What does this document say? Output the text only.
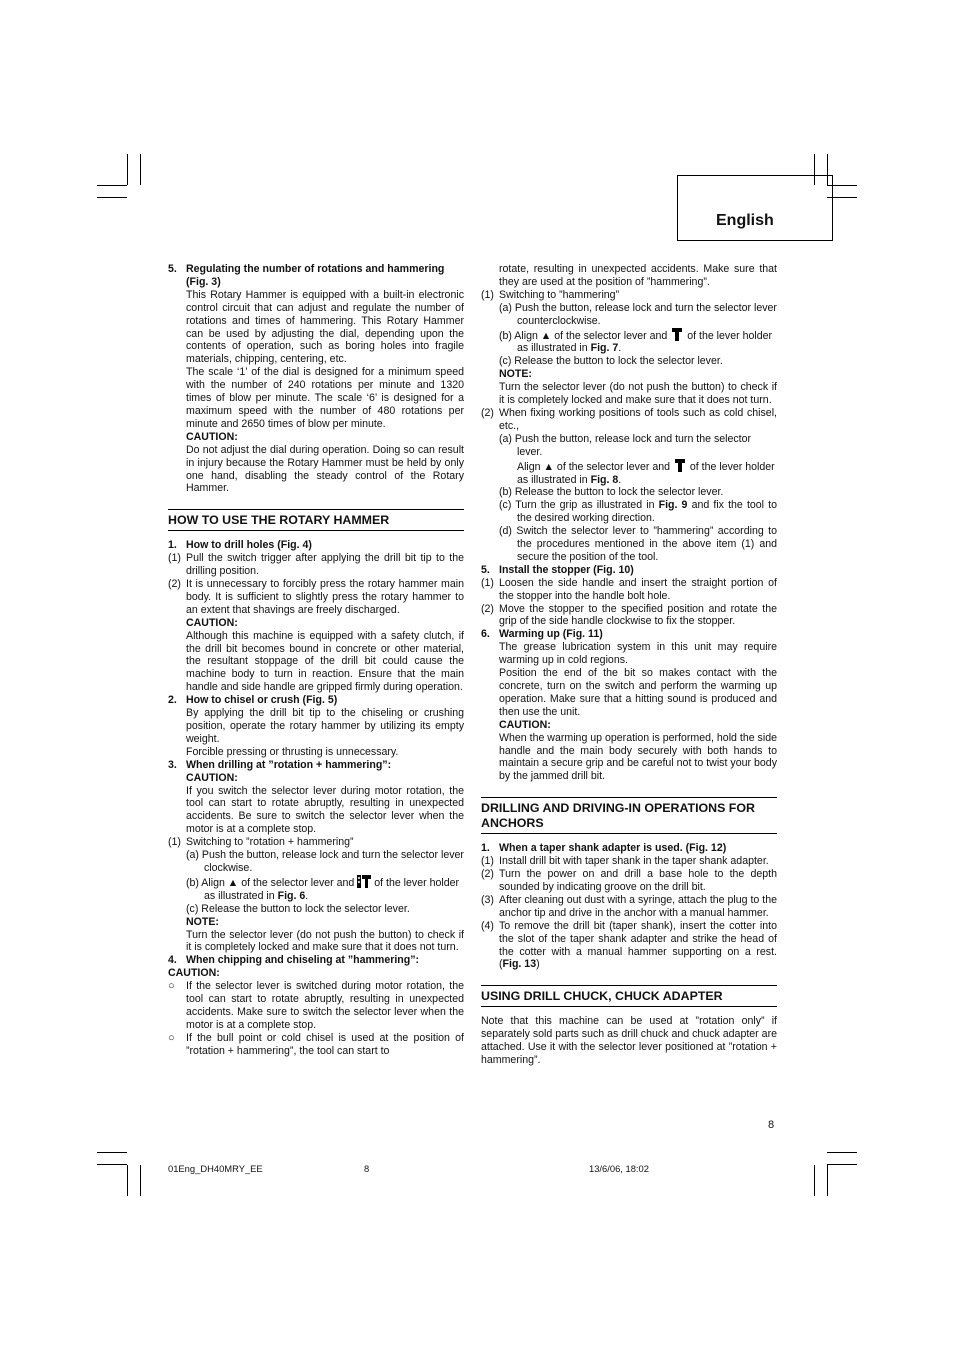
English

5. Regulating the number of rotations and hammering (Fig. 3)

This Rotary Hammer is equipped with a built-in electronic control circuit that can adjust and regulate the number of rotations and times of hammering. This Rotary Hammer can be used by adjusting the dial, depending upon the contents of operation, such as boring holes into fragile materials, chipping, centering, etc.

The scale ‘1’ of the dial is designed for a minimum speed with the number of 240 rotations per minute and 1320 times of blow per minute. The scale ‘6’ is designed for a maximum speed with the number of 480 rotations per minute and 2650 times of blow per minute.

CAUTION:

Do not adjust the dial during operation. Doing so can result in injury because the Rotary Hammer must be held by only one hand, disabling the steady control of the Rotary Hammer.

HOW TO USE THE ROTARY HAMMER

1. How to drill holes (Fig. 4)

(1) Pull the switch trigger after applying the drill bit tip to the drilling position.

(2) It is unnecessary to forcibly press the rotary hammer main body. It is sufficient to slightly press the rotary hammer to an extent that shavings are freely discharged.

CAUTION:

Although this machine is equipped with a safety clutch, if the drill bit becomes bound in concrete or other material, the resultant stoppage of the drill bit could cause the machine body to turn in reaction. Ensure that the main handle and side handle are gripped firmly during operation.

2. How to chisel or crush (Fig. 5)

By applying the drill bit tip to the chiseling or crushing position, operate the rotary hammer by utilizing its empty weight.

Forcible pressing or thrusting is unnecessary.

3. When drilling at ”rotation + hammering”:

CAUTION:

If you switch the selector lever during motor rotation, the tool can start to rotate abruptly, resulting in unexpected accidents. Be sure to switch the selector lever when the motor is at a complete stop.

(1) Switching to ”rotation + hammering”

(a) Push the button, release lock and turn the selector lever clockwise.

(b) Align ▲ of the selector lever and of the lever holder as illustrated in Fig. 6.

(c) Release the button to lock the selector lever.

NOTE:

Turn the selector lever (do not push the button) to check if it is completely locked and make sure that it does not turn.

4. When chipping and chiseling at ”hammering”:

CAUTION:

○ If the selector lever is switched during motor rotation, the tool can start to rotate abruptly, resulting in unexpected accidents. Make sure to switch the selector lever when the motor is at a complete stop.

○ If the bull point or cold chisel is used at the position of ”rotation + hammering”, the tool can start to

rotate, resulting in unexpected accidents. Make sure that they are used at the position of ”hammering”.

(1) Switching to ”hammering”

(a) Push the button, release lock and turn the selector lever counterclockwise.

(b) Align ▲ of the selector lever and of the lever holder as illustrated in Fig. 7.

(c) Release the button to lock the selector lever.

NOTE:

Turn the selector lever (do not push the button) to check if it is completely locked and make sure that it does not turn.

(2) When fixing working positions of tools such as cold chisel, etc.,

(a) Push the button, release lock and turn the selector lever.

Align ▲ of the selector lever and of the lever holder as illustrated in Fig. 8.

(b) Release the button to lock the selector lever.

(c) Turn the grip as illustrated in Fig. 9 and fix the tool to the desired working direction.

(d) Switch the selector lever to ”hammering” according to the procedures mentioned in the above item (1) and secure the position of the tool.

5. Install the stopper (Fig. 10)

(1) Loosen the side handle and insert the straight portion of the stopper into the handle bolt hole.

(2) Move the stopper to the specified position and rotate the grip of the side handle clockwise to fix the stopper.

6. Warming up (Fig. 11)

The grease lubrication system in this unit may require warming up in cold regions.

Position the end of the bit so makes contact with the concrete, turn on the switch and perform the warming up operation. Make sure that a hitting sound is produced and then use the unit.

CAUTION:

When the warming up operation is performed, hold the side handle and the main body securely with both hands to maintain a secure grip and be careful not to twist your body by the jammed drill bit.

DRILLING AND DRIVING-IN OPERATIONS FOR ANCHORS

1. When a taper shank adapter is used. (Fig. 12)

(1) Install drill bit with taper shank in the taper shank adapter.

(2) Turn the power on and drill a base hole to the depth sounded by indicating groove on the drill bit.

(3) After cleaning out dust with a syringe, attach the plug to the anchor tip and drive in the anchor with a manual hammer.

(4) To remove the drill bit (taper shank), insert the cotter into the slot of the taper shank adapter and strike the head of the cotter with a manual hammer supporting on a rest. (Fig. 13)

USING DRILL CHUCK, CHUCK ADAPTER

Note that this machine can be used at ”rotation only” if separately sold parts such as drill chuck and chuck adapter are attached. Use it with the selector lever positioned at ”rotation + hammering”.

8
01Eng_DH40MRY_EE	8	13/6/06, 18:02
